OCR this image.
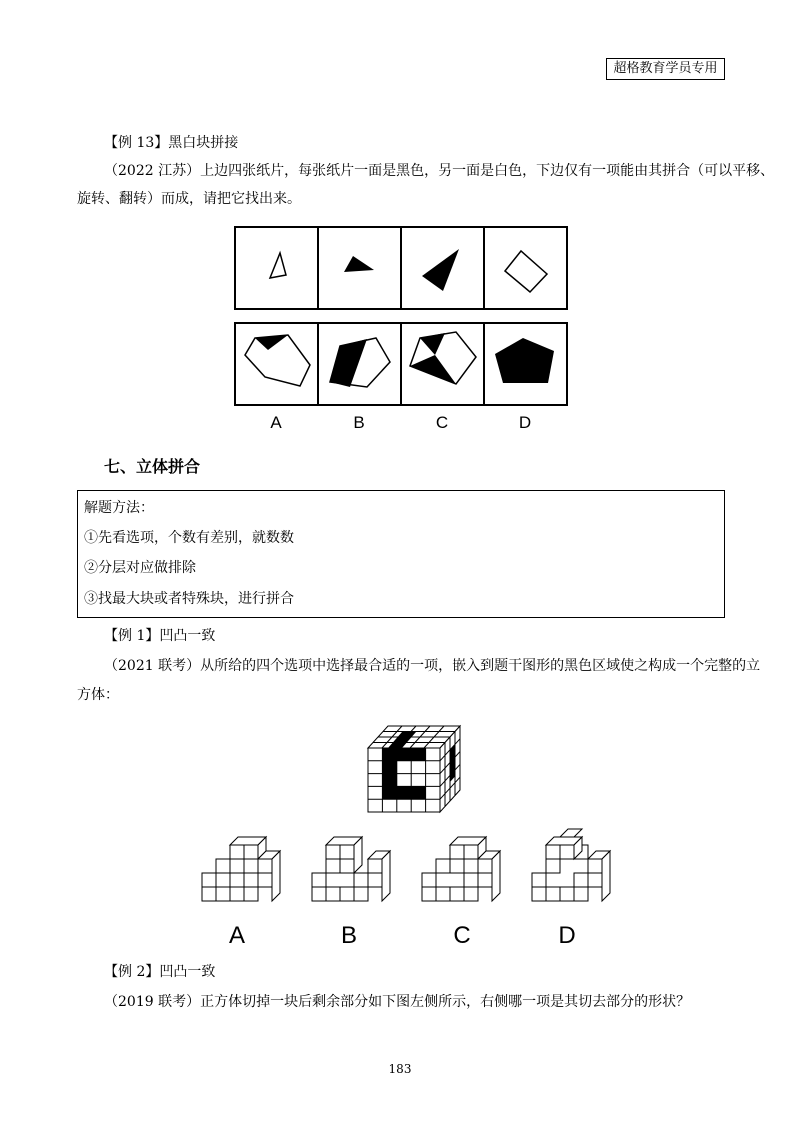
超格教育学员专用
【例 13】黑白块拼接
（2022 江苏）上边四张纸片，每张纸片一面是黑色，另一面是白色，下边仅有一项能由其拼合（可以平移、
旋转、翻转）而成，请把它找出来。
A	B	C	D
七、立体拼合
解题方法：
①先看选项，个数有差别，就数数
②分层对应做排除
③找最大块或者特殊块，进行拼合
【例 1】凹凸一致
（2021 联考）从所给的四个选项中选择最合适的一项，嵌入到题干图形的黑色区域使之构成一个完整的立
方体：
A	B	C	D
【例 2】凹凸一致
（2019 联考）正方体切掉一块后剩余部分如下图左侧所示，右侧哪一项是其切去部分的形状？
183
